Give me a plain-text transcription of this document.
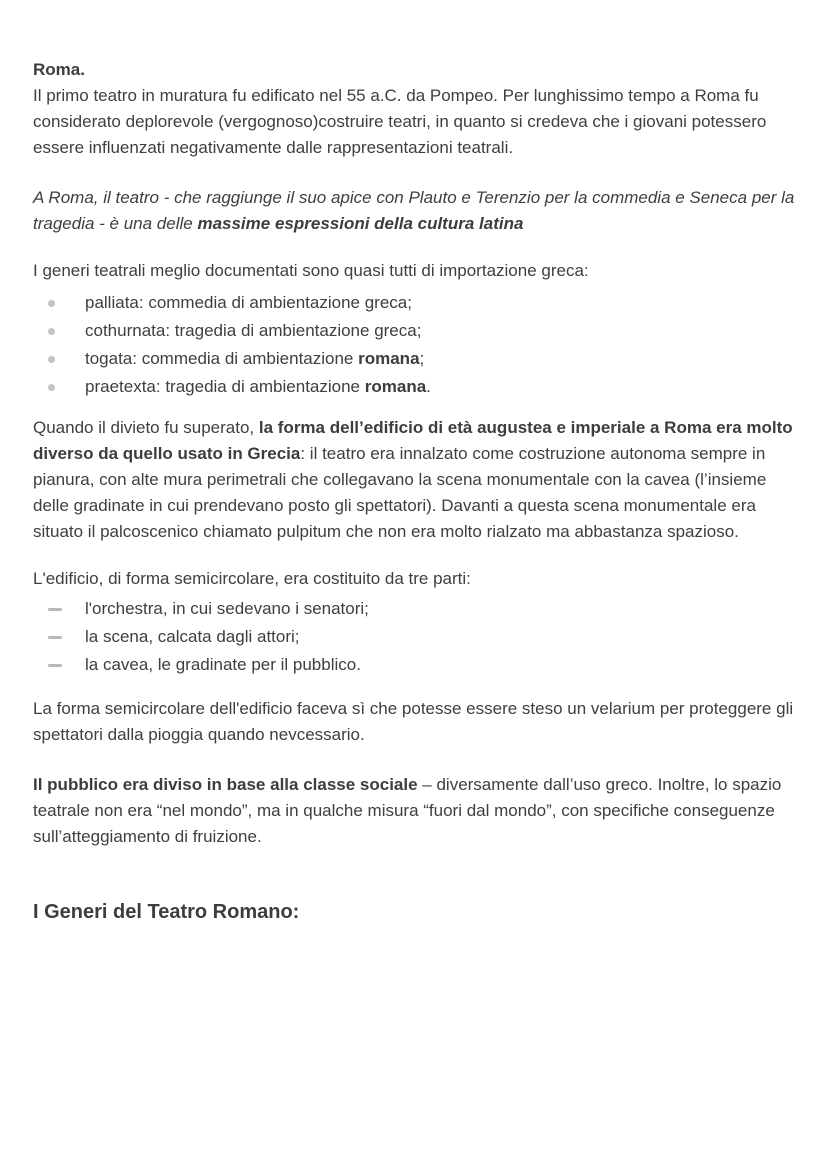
Roma.

Il primo teatro in muratura fu edificato nel 55 a.C. da Pompeo. Per lunghissimo tempo a Roma fu considerato deplorevole (vergognoso)costruire teatri, in quanto si credeva che i giovani potessero essere influenzati negativamente dalle rappresentazioni teatrali.

A Roma, il teatro - che raggiunge il suo apice con Plauto e Terenzio per la commedia e Seneca per la tragedia - è una delle massime espressioni della cultura latina

I generi teatrali meglio documentati sono quasi tutti di importazione greca:

palliata: commedia di ambientazione greca;
cothurnata: tragedia di ambientazione greca;
togata: commedia di ambientazione romana;
praetexta: tragedia di ambientazione romana.

Quando il divieto fu superato, la forma dell’edificio di età augustea e imperiale a Roma era molto diverso da quello usato in Grecia: il teatro era innalzato come costruzione autonoma sempre in pianura, con alte mura perimetrali che collegavano la scena monumentale con la cavea (l’insieme delle gradinate in cui prendevano posto gli spettatori). Davanti a questa scena monumentale era situato il palcoscenico chiamato pulpitum che non era molto rialzato ma abbastanza spazioso.

L'edificio, di forma semicircolare, era costituito da tre parti:

l'orchestra, in cui sedevano i senatori;
la scena, calcata dagli attori;
la cavea, le gradinate per il pubblico.

La forma semicircolare dell'edificio faceva sì che potesse essere steso un velarium per proteggere gli spettatori dalla pioggia quando nevcessario.

Il pubblico era diviso in base alla classe sociale – diversamente dall’uso greco. Inoltre, lo spazio teatrale non era “nel mondo”, ma in qualche misura “fuori dal mondo”, con specifiche conseguenze sull’atteggiamento di fruizione.

I Generi del Teatro Romano:
